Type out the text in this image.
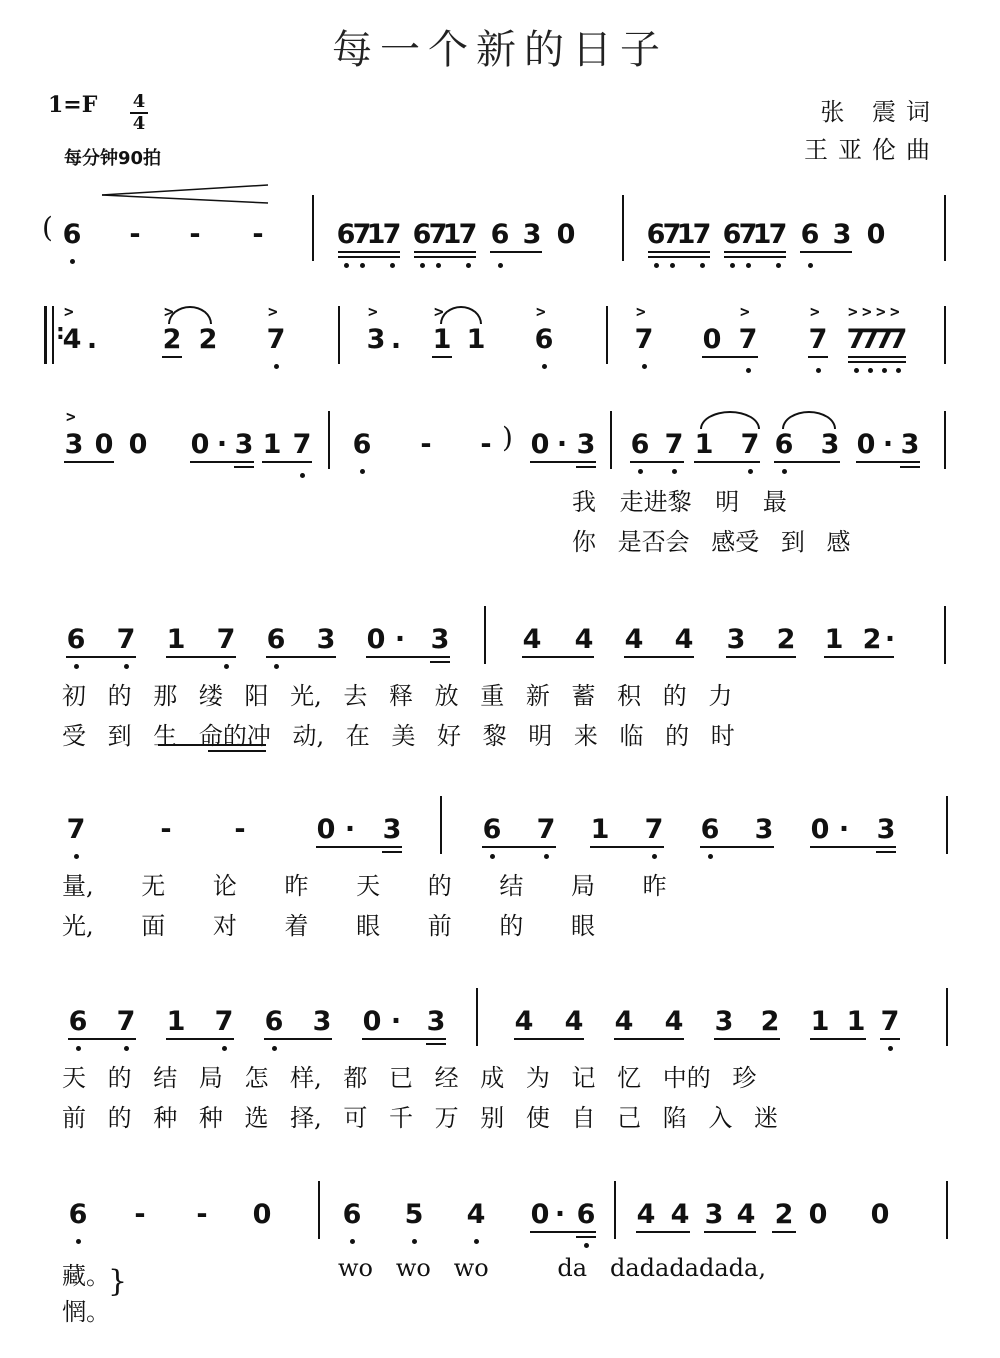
每一个新的日子
1=F 4
4
每分钟90拍
张 震词
王亚伦曲
( 6 - - -	6
7
1
7 6
7
1
7 6 3 0	6
7
1
7 6
7
1
7 6 3 0
:
>
4 .
>
2 2
>
7
>
3 .
>
1 1
>
6
>
7 0
>
7
>
7
>
7
>
7
>
7
>
7
>
3 0 0 0 · 3 1 7 6 - - ) 0 · 3 6 7 1 7 6 3 0 · 3
我 走进黎 明 最
你 是否会 感受 到 感
6 7 1 7 6 3 0 · 3	4 4 4 4 3 2 1 2 ·
初 的 那 缕 阳 光, 去 释 放 重 新 蓄 积 的 力
受 到 生 命的冲 动, 在 美 好 黎 明 来 临 的 时
7	- -	0 · 3	6 7 1 7 6 3 0 · 3
量, 无 论 昨 天 的 结 局 昨
光, 面 对 着 眼 前 的 眼
6 7 1 7 6 3 0 · 3	4 4 4 4 3 2 1 1 7
天 的 结 局 怎 样, 都 已 经 成 为 记 忆 中的 珍
前 的 种 种 选 择, 可 千 万 别 使 自 己 陷 入 迷
6 - - 0	6 5 4 0 · 6 4 4 3 4 2 0 0
藏。
惘。
}	wo   wo   wo         da   dadadadada,
